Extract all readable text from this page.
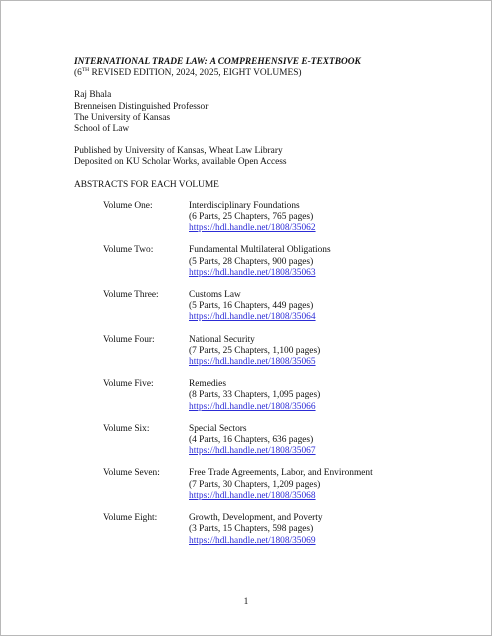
INTERNATIONAL TRADE LAW: A COMPREHENSIVE E-TEXTBOOK
(6TH REVISED EDITION, 2024, 2025, EIGHT VOLUMES)
Raj Bhala
Brenneisen Distinguished Professor
The University of Kansas
School of Law
Published by University of Kansas, Wheat Law Library
Deposited on KU Scholar Works, available Open Access
ABSTRACTS FOR EACH VOLUME
Volume One:	Interdisciplinary Foundations
(6 Parts, 25 Chapters, 765 pages)
https://hdl.handle.net/1808/35062
Volume Two:	Fundamental Multilateral Obligations
(5 Parts, 28 Chapters, 900 pages)
https://hdl.handle.net/1808/35063
Volume Three:	Customs Law
(5 Parts, 16 Chapters, 449 pages)
https://hdl.handle.net/1808/35064
Volume Four:	National Security
(7 Parts, 25 Chapters, 1,100 pages)
https://hdl.handle.net/1808/35065
Volume Five:	Remedies
(8 Parts, 33 Chapters, 1,095 pages)
https://hdl.handle.net/1808/35066
Volume Six:	Special Sectors
(4 Parts, 16 Chapters, 636 pages)
https://hdl.handle.net/1808/35067
Volume Seven:	Free Trade Agreements, Labor, and Environment
(7 Parts, 30 Chapters, 1,209 pages)
https://hdl.handle.net/1808/35068
Volume Eight:	Growth, Development, and Poverty
(3 Parts, 15 Chapters, 598 pages)
https://hdl.handle.net/1808/35069
1
